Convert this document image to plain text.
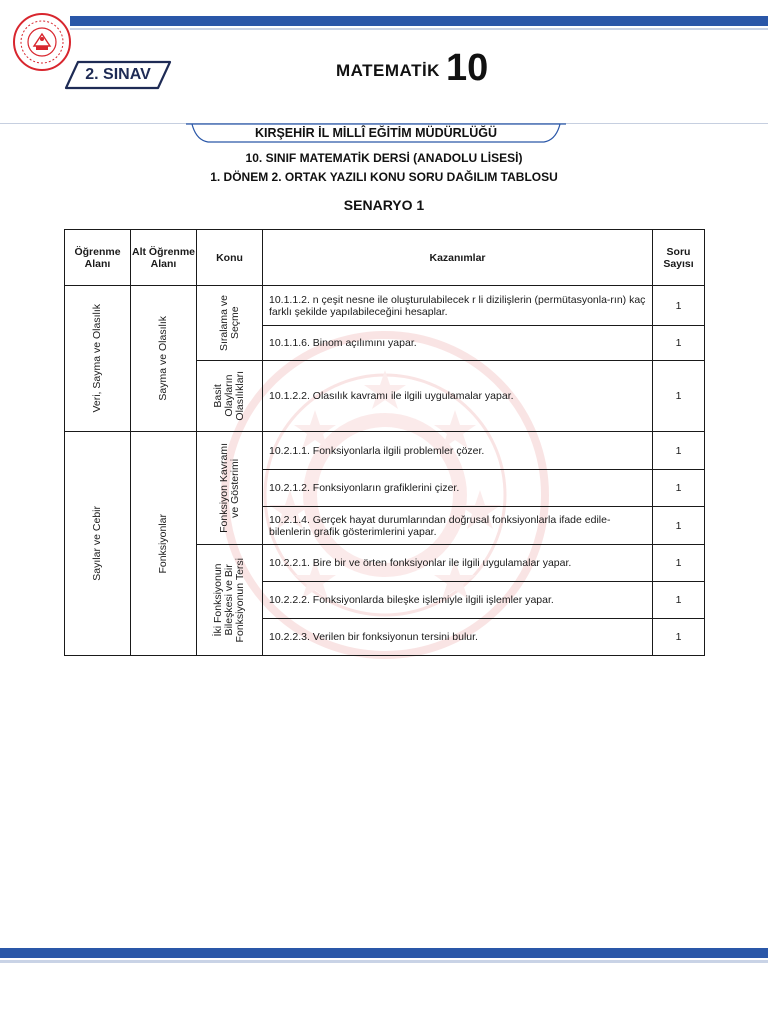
2. SINAV	MATEMATİK 10
KIRŞEHİR İL MİLLÎ EĞİTİM MÜDÜRLÜĞÜ
10. SINIF MATEMATİK DERSİ (ANADOLU LİSESİ)
1. DÖNEM 2. ORTAK YAZILI KONU SORU DAĞILIM TABLOSU
SENARYO 1
Öğrenme Alanı	Alt Öğrenme Alanı	Konu	Kazanımlar	Soru Sayısı

Veri, Sayma ve Olasılık	Sayma ve Olasılık	Sıralama ve
Seçme	10.1.1.2. n çeşit nesne ile oluşturulabilecek r li dizilişlerin (permütasyonla-rın) kaç farklı şekilde yapılabileceğini hesaplar.	1
			10.1.1.6. Binom açılımını yapar.	1

		Basit
Olayların
Olasılıkları	10.1.2.2. Olasılık kavramı ile ilgili uygulamalar yapar.	1

Sayılar ve Cebir	Fonksiyonlar	Fonksiyon Kavramı
ve Gösterimi	10.2.1.1. Fonksiyonlarla ilgili problemler çözer.	1
			10.2.1.2. Fonksiyonların grafiklerini çizer.	1
			10.2.1.4. Gerçek hayat durumlarından doğrusal fonksiyonlarla ifade edile-bilenlerin grafik gösterimlerini yapar.	1

		İki Fonksiyonun
Bileşkesi ve Bir
Fonksiyonun Tersi	10.2.2.1. Bire bir ve örten fonksiyonlar ile ilgili uygulamalar yapar.	1
			10.2.2.2. Fonksiyonlarda bileşke işlemiyle ilgili işlemler yapar.	1
			10.2.2.3. Verilen bir fonksiyonun tersini bulur.	1
